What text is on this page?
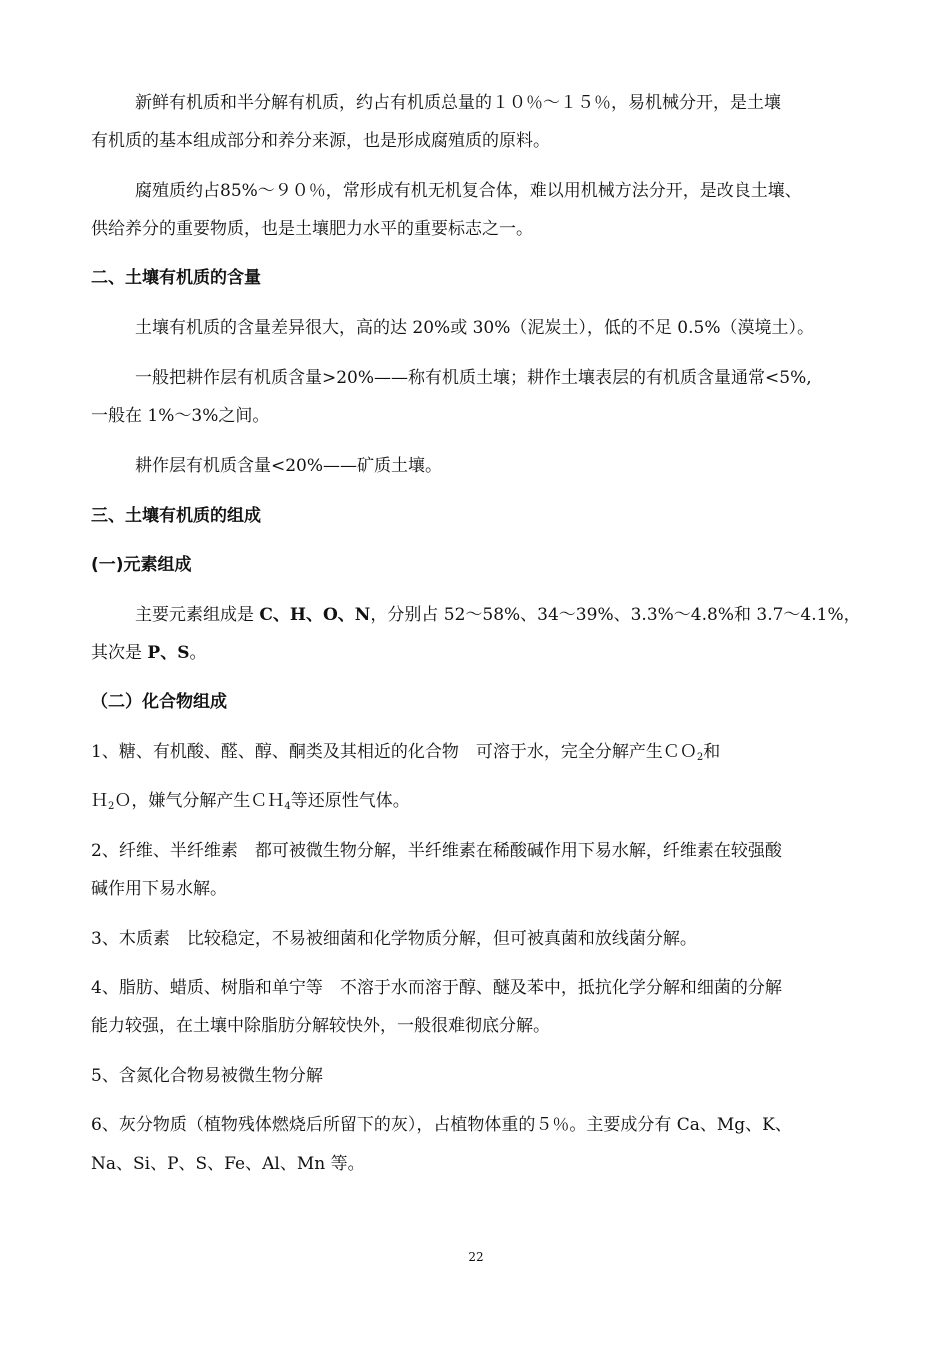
新鲜有机质和半分解有机质，约占有机质总量的１０％～１５％，易机械分开，是土壤
有机质的基本组成部分和养分来源，也是形成腐殖质的原料。
腐殖质约占85%～９０％，常形成有机无机复合体，难以用机械方法分开，是改良土壤、
供给养分的重要物质，也是土壤肥力水平的重要标志之一。
二、土壤有机质的含量
土壤有机质的含量差异很大，高的达 20%或 30%（泥炭土），低的不足 0.5%（漠境土）。
一般把耕作层有机质含量>20%——称有机质土壤；耕作土壤表层的有机质含量通常<5%,
一般在 1%～3%之间。
耕作层有机质含量<20%——矿质土壤。
三、土壤有机质的组成
(一)元素组成
主要元素组成是 C、H、O、N，分别占 52～58%、34～39%、3.3%～4.8%和 3.7～4.1%，
其次是 P、S。
（二）化合物组成
1、糖、有机酸、醛、醇、酮类及其相近的化合物　可溶于水，完全分解产生ＣＯ$_2$和
Ｈ$_2$Ｏ，嫌气分解产生ＣＨ$_4$等还原性气体。
2、纤维、半纤维素　都可被微生物分解，半纤维素在稀酸碱作用下易水解，纤维素在较强酸
碱作用下易水解。
3、木质素　比较稳定，不易被细菌和化学物质分解，但可被真菌和放线菌分解。
4、脂肪、蜡质、树脂和单宁等　不溶于水而溶于醇、醚及苯中，抵抗化学分解和细菌的分解
能力较强，在土壤中除脂肪分解较快外，一般很难彻底分解。
5、含氮化合物易被微生物分解
6、灰分物质（植物残体燃烧后所留下的灰），占植物体重的５％。主要成分有 Ca、Mg、K、
Na、Si、P、S、Fe、Al、Mn 等。
22
